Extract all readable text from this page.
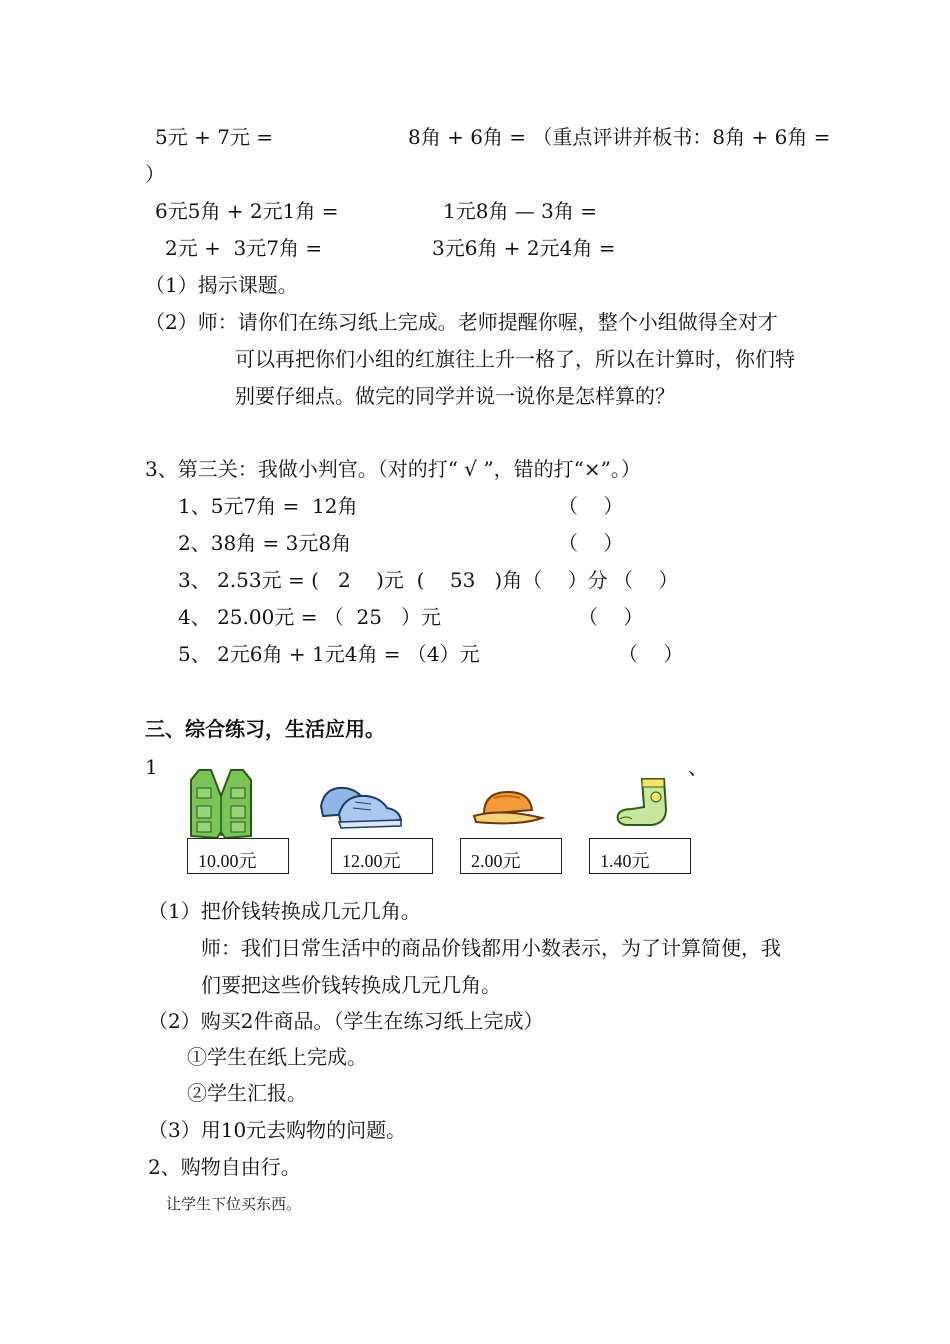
5元 + 7元 =	8角 + 6角 = （重点评讲并板书：8角 + 6角 =
）
6元5角 + 2元1角 =	1元8角 — 3角 =
2元 +  3元7角 =	3元6角 + 2元4角 =
（1）揭示课题。
（2）师：请你们在练习纸上完成。老师提醒你喔，整个小组做得全对才
可以再把你们小组的红旗往上升一格了，所以在计算时，你们特
别要仔细点。做完的同学并说一说你是怎样算的？
3、第三关：我做小判官。（对的打“ √ ”，错的打“×”。）
1、5元7角 =  12角	（    ）
2、38角 = 3元8角	（    ）
3、 2.53元 = (   2    )元  (    53   )角（    ）分 （    ）
4、 25.00元 = （  25   ）元	（    ）
5、 2元6角 + 1元4角 = （4）元	（    ）
三、综合练习，生活应用。
1	、
10.00元	12.00元	2.00元	1.40元
（1）把价钱转换成几元几角。
师：我们日常生活中的商品价钱都用小数表示，为了计算简便，我
们要把这些价钱转换成几元几角。
（2）购买2件商品。（学生在练习纸上完成）
①学生在纸上完成。
②学生汇报。
（3）用10元去购物的问题。
2、购物自由行。
让学生下位买东西。
